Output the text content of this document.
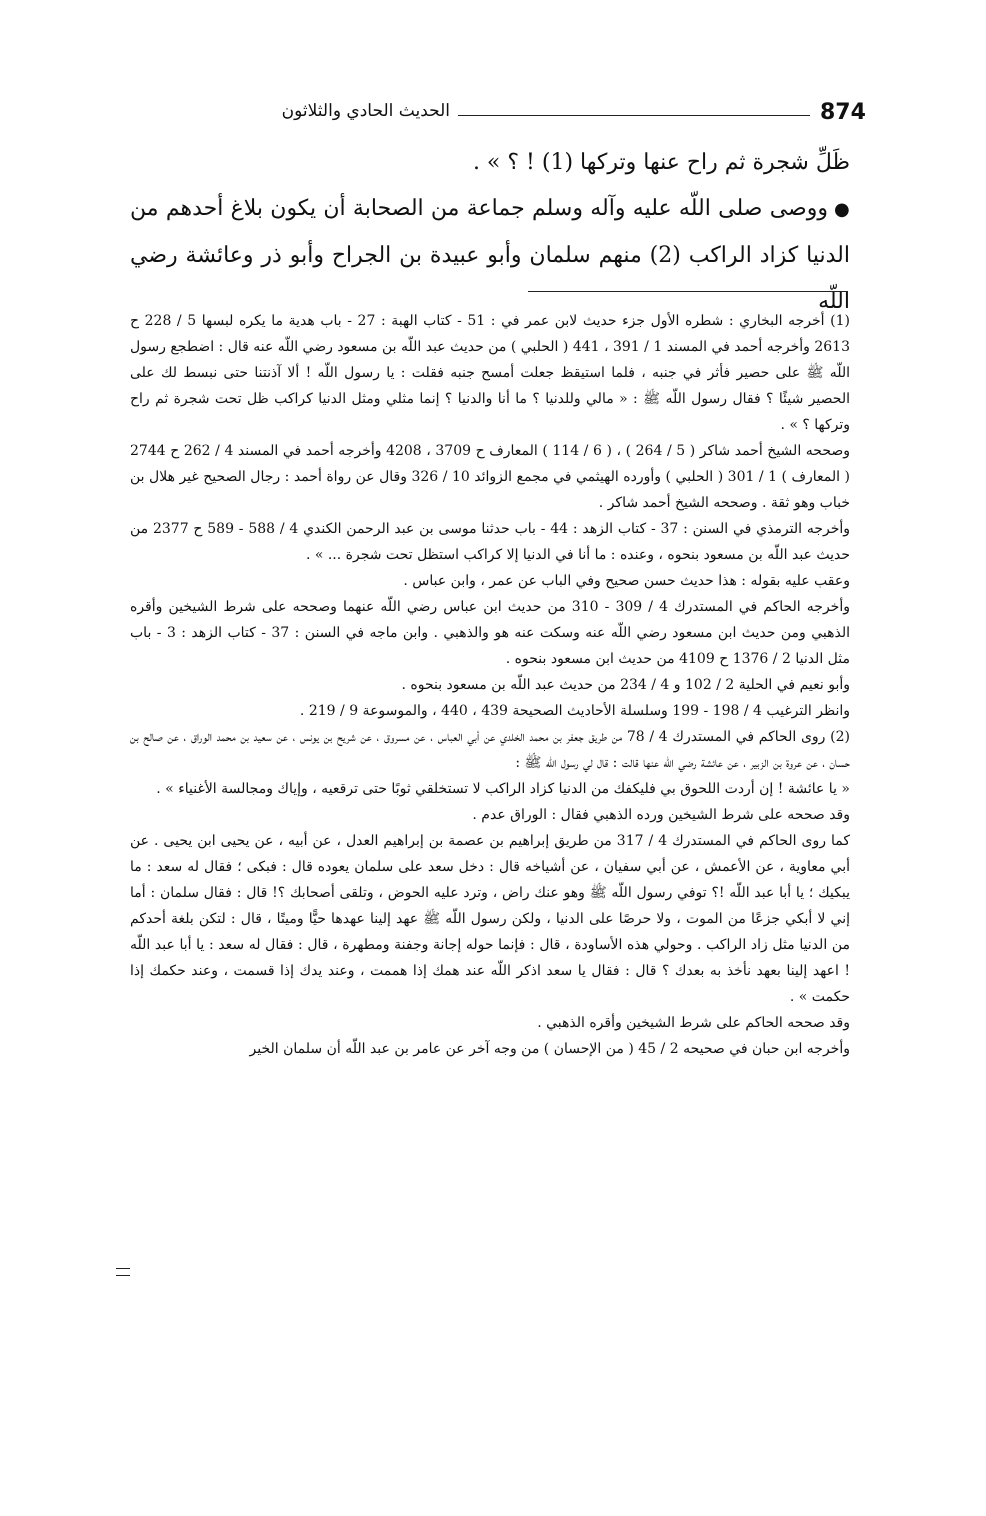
874
الحديث الحادي والثلاثون

ظَلِّ شجرة ثم راح عنها وتركها (1) ! ؟ » .

●ووصى صلى اللّه عليه وآله وسلم جماعة من الصحابة أن يكون بلاغ أحدهم من الدنيا كزاد الراكب (2) منهم سلمان وأبو عبيدة بن الجراح وأبو ذر وعائشة رضي اللّه

(1) أخرجه البخاري : شطره الأول جزء حديث لابن عمر في : 51 - كتاب الهبة : 27 - باب هدية ما يكره لبسها 5 / 228 ح 2613 وأخرجه أحمد في المسند 1 / 391 ، 441 ( الحلبي ) من حديث عبد اللّه بن مسعود رضي اللّه عنه قال : اضطجع رسول اللّه ﷺ على حصير فأثر في جنبه ، فلما استيقظ جعلت أمسح جنبه فقلت : يا رسول اللّه ! ألا آذنتنا حتى نبسط لك على الحصير شيئًا ؟ فقال رسول اللّه ﷺ : « مالي وللدنيا ؟ ما أنا والدنيا ؟ إنما مثلي ومثل الدنيا كراكب ظل تحت شجرة ثم راح وتركها ؟ » .

وصححه الشيخ أحمد شاكر ( 5 / 264 ) ، ( 6 / 114 ) المعارف ح 3709 ، 4208 وأخرجه أحمد في المسند 4 / 262 ح 2744 ( المعارف ) 1 / 301 ( الحلبي ) وأورده الهيثمي في مجمع الزوائد 10 / 326 وقال عن رواة أحمد : رجال الصحيح غير هلال بن خباب وهو ثقة . وصححه الشيخ أحمد شاكر .

وأخرجه الترمذي في السنن : 37 - كتاب الزهد : 44 - باب حدثنا موسى بن عبد الرحمن الكندي 4 / 588 - 589 ح 2377 من حديث عبد اللّه بن مسعود بنحوه ، وعنده : ما أنا في الدنيا إلا كراكب استظل تحت شجرة ... » .

وعقب عليه بقوله : هذا حديث حسن صحيح وفي الباب عن عمر ، وابن عباس .

وأخرجه الحاكم في المستدرك 4 / 309 - 310 من حديث ابن عباس رضي اللّه عنهما وصححه على شرط الشيخين وأقره الذهبي ومن حديث ابن مسعود رضي اللّه عنه وسكت عنه هو والذهبي . وابن ماجه في السنن : 37 - كتاب الزهد : 3 - باب مثل الدنيا 2 / 1376 ح 4109 من حديث ابن مسعود بنحوه .

وأبو نعيم في الحلية 2 / 102 و 4 / 234 من حديث عبد اللّه بن مسعود بنحوه .

وانظر الترغيب 4 / 198 - 199 وسلسلة الأحاديث الصحيحة 439 ، 440 ، والموسوعة 9 / 219 .

(2) روى الحاكم في المستدرك 4 / 78 من طريق جعفر بن محمد الخلدي عن أبي العباس ، عن مسروق ، عن شريح بن يونس ، عن سعيد بن محمد الوراق ، عن صالح بن حسان ، عن عروة بن الزبير ، عن عائشة رضي اللّه عنها قالت : قال لي رسول اللّه ﷺ :

« يا عائشة ! إن أردت اللحوق بي فليكفك من الدنيا كزاد الراكب لا تستخلقي ثوبًا حتى ترقعيه ، وإياك ومجالسة الأغنياء » .

وقد صححه على شرط الشيخين ورده الذهبي فقال : الوراق عدم .

كما روى الحاكم في المستدرك 4 / 317 من طريق إبراهيم بن عصمة بن إبراهيم العدل ، عن أبيه ، عن يحيى ابن يحيى . عن أبي معاوية ، عن الأعمش ، عن أبي سفيان ، عن أشياخه قال : دخل سعد على سلمان يعوده قال : فبكى ؛ فقال له سعد : ما يبكيك ؛ يا أبا عبد اللّه !؟ توفي رسول اللّه ﷺ وهو عنك راض ، وترد عليه الحوض ، وتلقى أصحابك ؟! قال : فقال سلمان : أما إني لا أبكي جزعًا من الموت ، ولا حرصًا على الدنيا ، ولكن رسول اللّه ﷺ عهد إلينا عهدها حيًّا وميتًا ، قال : لتكن بلغة أحدكم من الدنيا مثل زاد الراكب . وحولي هذه الأساودة ، قال : فإنما حوله إجانة وجفنة ومطهرة ، قال : فقال له سعد : يا أبا عبد اللّه ! اعهد إلينا بعهد نأخذ به بعدك ؟ قال : فقال يا سعد اذكر اللّه عند همك إذا هممت ، وعند يدك إذا قسمت ، وعند حكمك إذا حكمت » .

وقد صححه الحاكم على شرط الشيخين وأقره الذهبي .

وأخرجه ابن حبان في صحيحه 2 / 45 ( من الإحسان ) من وجه آخر عن عامر بن عبد اللّه أن سلمان الخير
